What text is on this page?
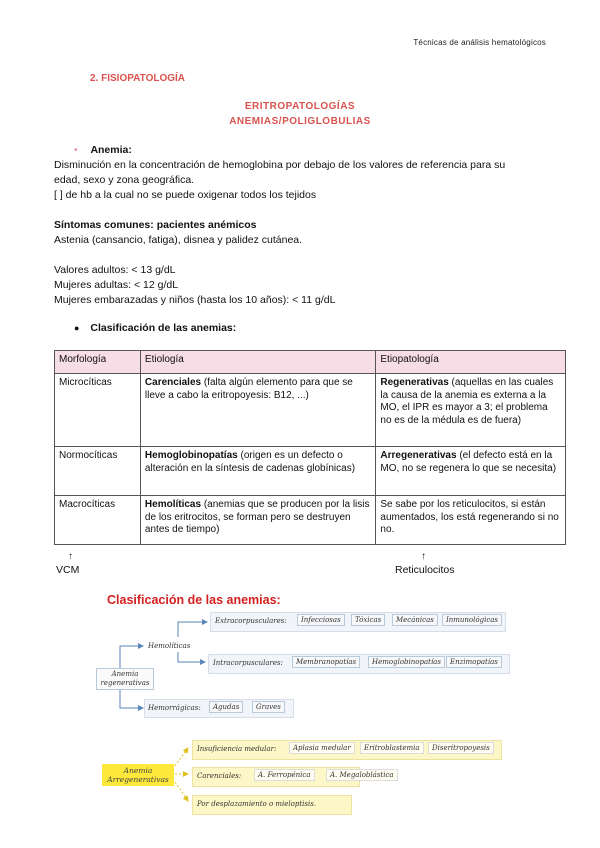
Técnicas de análisis hematológicos
2. FISIOPATOLOGÍA
ERITROPATOLOGÍAS
ANEMIAS/POLIGLOBULIAS
• Anemia:
Disminución en la concentración de hemoglobina por debajo de los valores de referencia para su
edad, sexo y zona geográfica.
[ ] de hb a la cual no se puede oxigenar todos los tejidos
Síntomas comunes: pacientes anémicos
Astenia (cansancio, fatiga), disnea y palidez cutánea.
Valores adultos: < 13 g/dL
Mujeres adultas: < 12 g/dL
Mujeres embarazadas y niños (hasta los 10 años): < 11 g/dL
● Clasificación de las anemias:
Morfología	Etiología	Etiopatología
Microcíticas	Carenciales (falta algún elemento para que se lleve a cabo la eritropoyesis: B12, ...)	Regenerativas (aquellas en las cuales la causa de la anemia es externa a la MO, el IPR es mayor a 3; el problema no es de la médula es de fuera)
Normocíticas	Hemoglobinopatías (origen es un defecto o alteración en la síntesis de cadenas globínicas)	Arregenerativas (el defecto está en la MO, no se regenera lo que se necesita)
Macrocíticas	Hemolíticas (anemias que se producen por la lisis de los eritrocitos, se forman pero se destruyen antes de tiempo)	Se sabe por los reticulocitos, si están aumentados, los está regenerando si no no.
↑
VCM
↑
Reticulocitos
Clasificación de las anemias:
Extracorpusculares:	Infecciosas	Tóxicas	Mecánicas	Inmunológicas
Hemolíticas
Anemia regenerativas
Intracorpusculares:	Membranopatías	Hemoglobinopatías	Enzimopatías
Hemorrágicas:	Agudas	Graves
Anemia Arregenerativas
Insuficiencia medular:	Aplasia medular	Eritroblastemia	Diseritropoyesis
Carenciales:	A. Ferropénica	A. Megaloblástica
Por desplazamiento o mieloptisis.
